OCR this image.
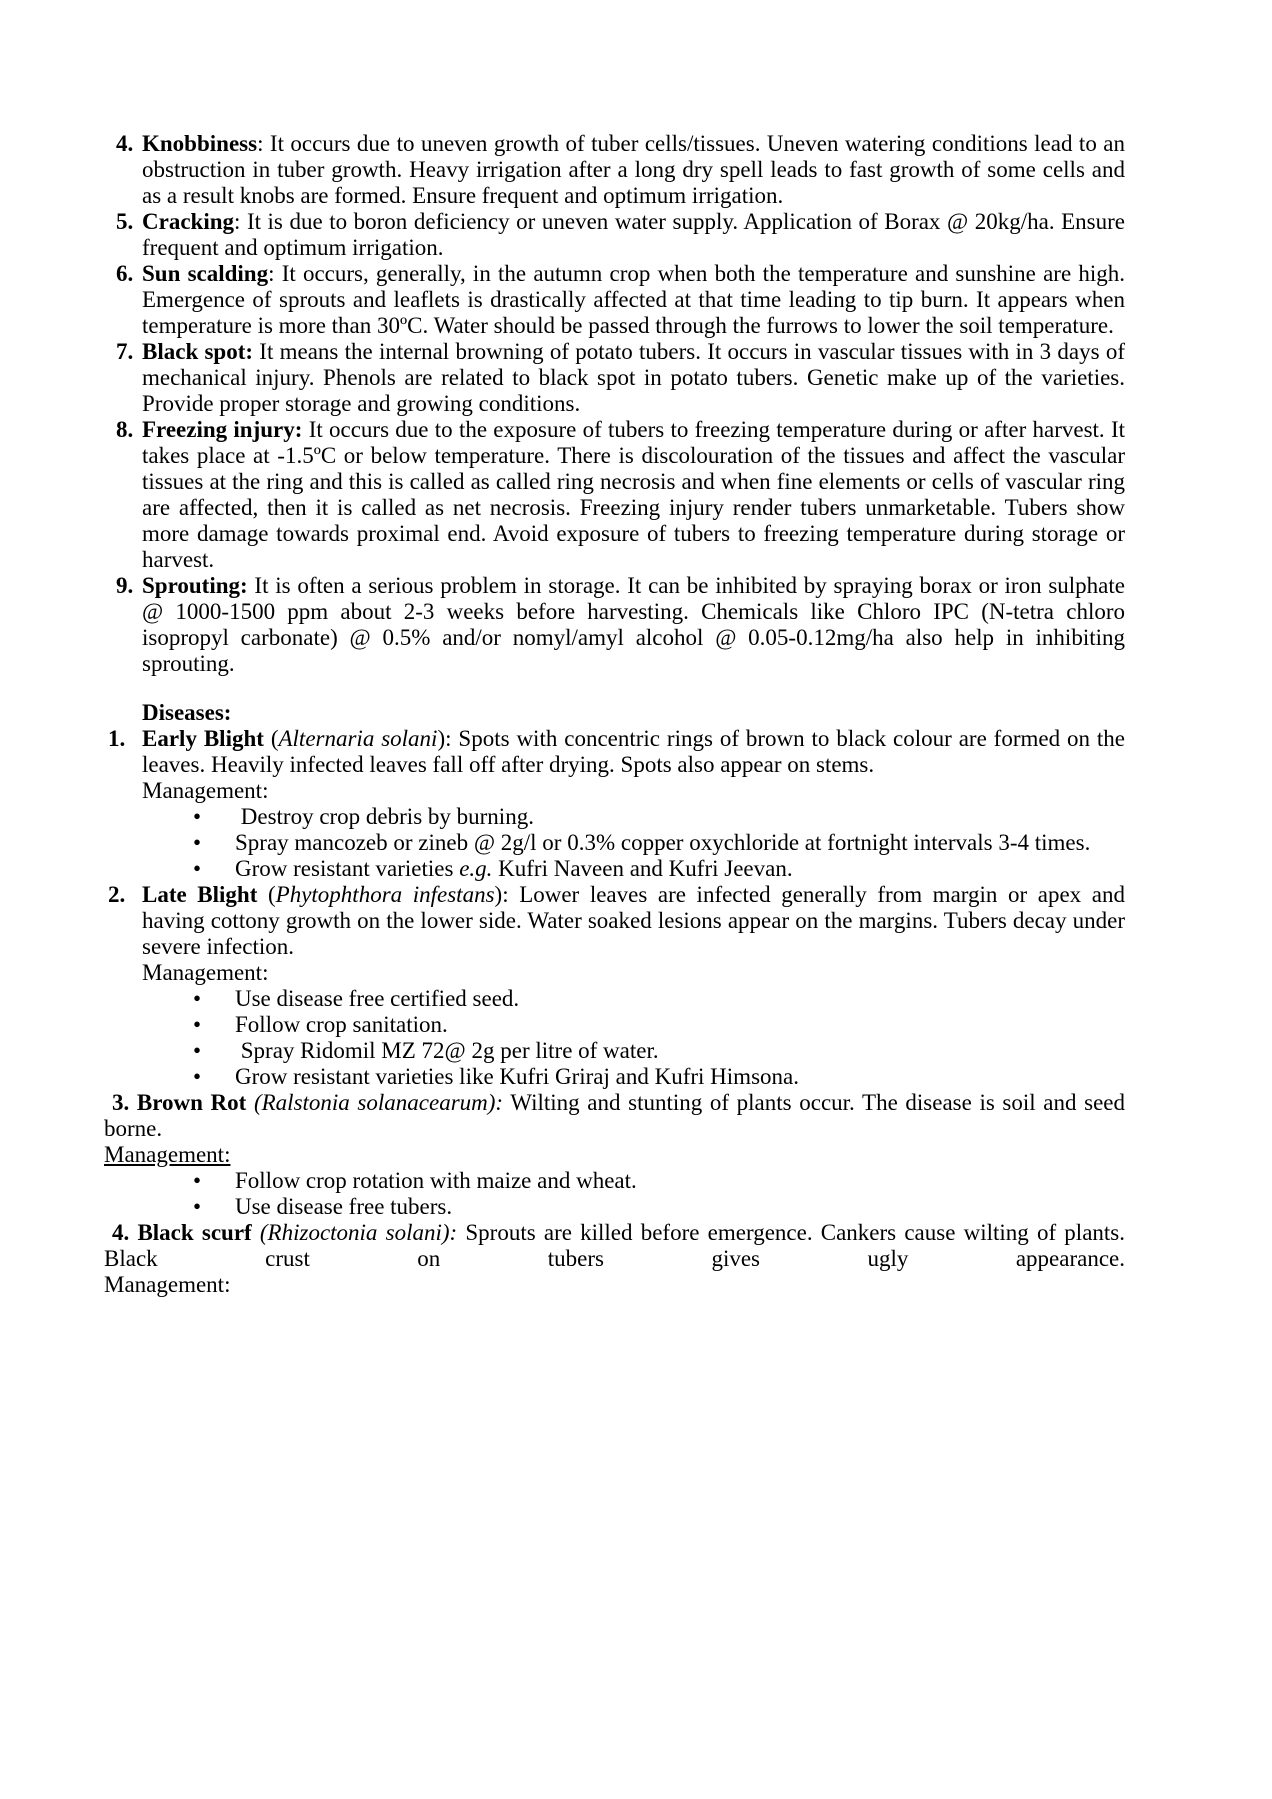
4. Knobbiness: It occurs due to uneven growth of tuber cells/tissues. Uneven watering conditions lead to an obstruction in tuber growth. Heavy irrigation after a long dry spell leads to fast growth of some cells and as a result knobs are formed. Ensure frequent and optimum irrigation.

5. Cracking: It is due to boron deficiency or uneven water supply. Application of Borax @ 20kg/ha. Ensure frequent and optimum irrigation.

6. Sun scalding: It occurs, generally, in the autumn crop when both the temperature and sunshine are high. Emergence of sprouts and leaflets is drastically affected at that time leading to tip burn. It appears when temperature is more than 30ºC. Water should be passed through the furrows to lower the soil temperature.

7. Black spot: It means the internal browning of potato tubers. It occurs in vascular tissues with in 3 days of mechanical injury. Phenols are related to black spot in potato tubers. Genetic make up of the varieties. Provide proper storage and growing conditions.

8. Freezing injury: It occurs due to the exposure of tubers to freezing temperature during or after harvest. It takes place at -1.5ºC or below temperature. There is discolouration of the tissues and affect the vascular tissues at the ring and this is called as called ring necrosis and when fine elements or cells of vascular ring are affected, then it is called as net necrosis. Freezing injury render tubers unmarketable. Tubers show more damage towards proximal end. Avoid exposure of tubers to freezing temperature during storage or harvest.

9. Sprouting: It is often a serious problem in storage. It can be inhibited by spraying borax or iron sulphate @ 1000-1500 ppm about 2-3 weeks before harvesting. Chemicals like Chloro IPC (N-tetra chloro isopropyl carbonate) @ 0.5% and/or nomyl/amyl alcohol @ 0.05-0.12mg/ha also help in inhibiting sprouting.

Diseases:

1. Early Blight (Alternaria solani): Spots with concentric rings of brown to black colour are formed on the leaves. Heavily infected leaves fall off after drying. Spots also appear on stems.

Management:

• Destroy crop debris by burning.

• Spray mancozeb or zineb @ 2g/l or 0.3% copper oxychloride at fortnight intervals 3-4 times.

• Grow resistant varieties e.g. Kufri Naveen and Kufri Jeevan.

2. Late Blight (Phytophthora infestans): Lower leaves are infected generally from margin or apex and having cottony growth on the lower side. Water soaked lesions appear on the margins. Tubers decay under severe infection.

Management:

• Use disease free certified seed.

• Follow crop sanitation.

• Spray Ridomil MZ 72@ 2g per litre of water.

• Grow resistant varieties like Kufri Griraj and Kufri Himsona.

3. Brown Rot (Ralstonia solanacearum): Wilting and stunting of plants occur. The disease is soil and seed borne.

Management:

• Follow crop rotation with maize and wheat.

• Use disease free tubers.

4. Black scurf (Rhizoctonia solani): Sprouts are killed before emergence. Cankers cause wilting of plants. Black crust on tubers gives ugly appearance.

Management:
